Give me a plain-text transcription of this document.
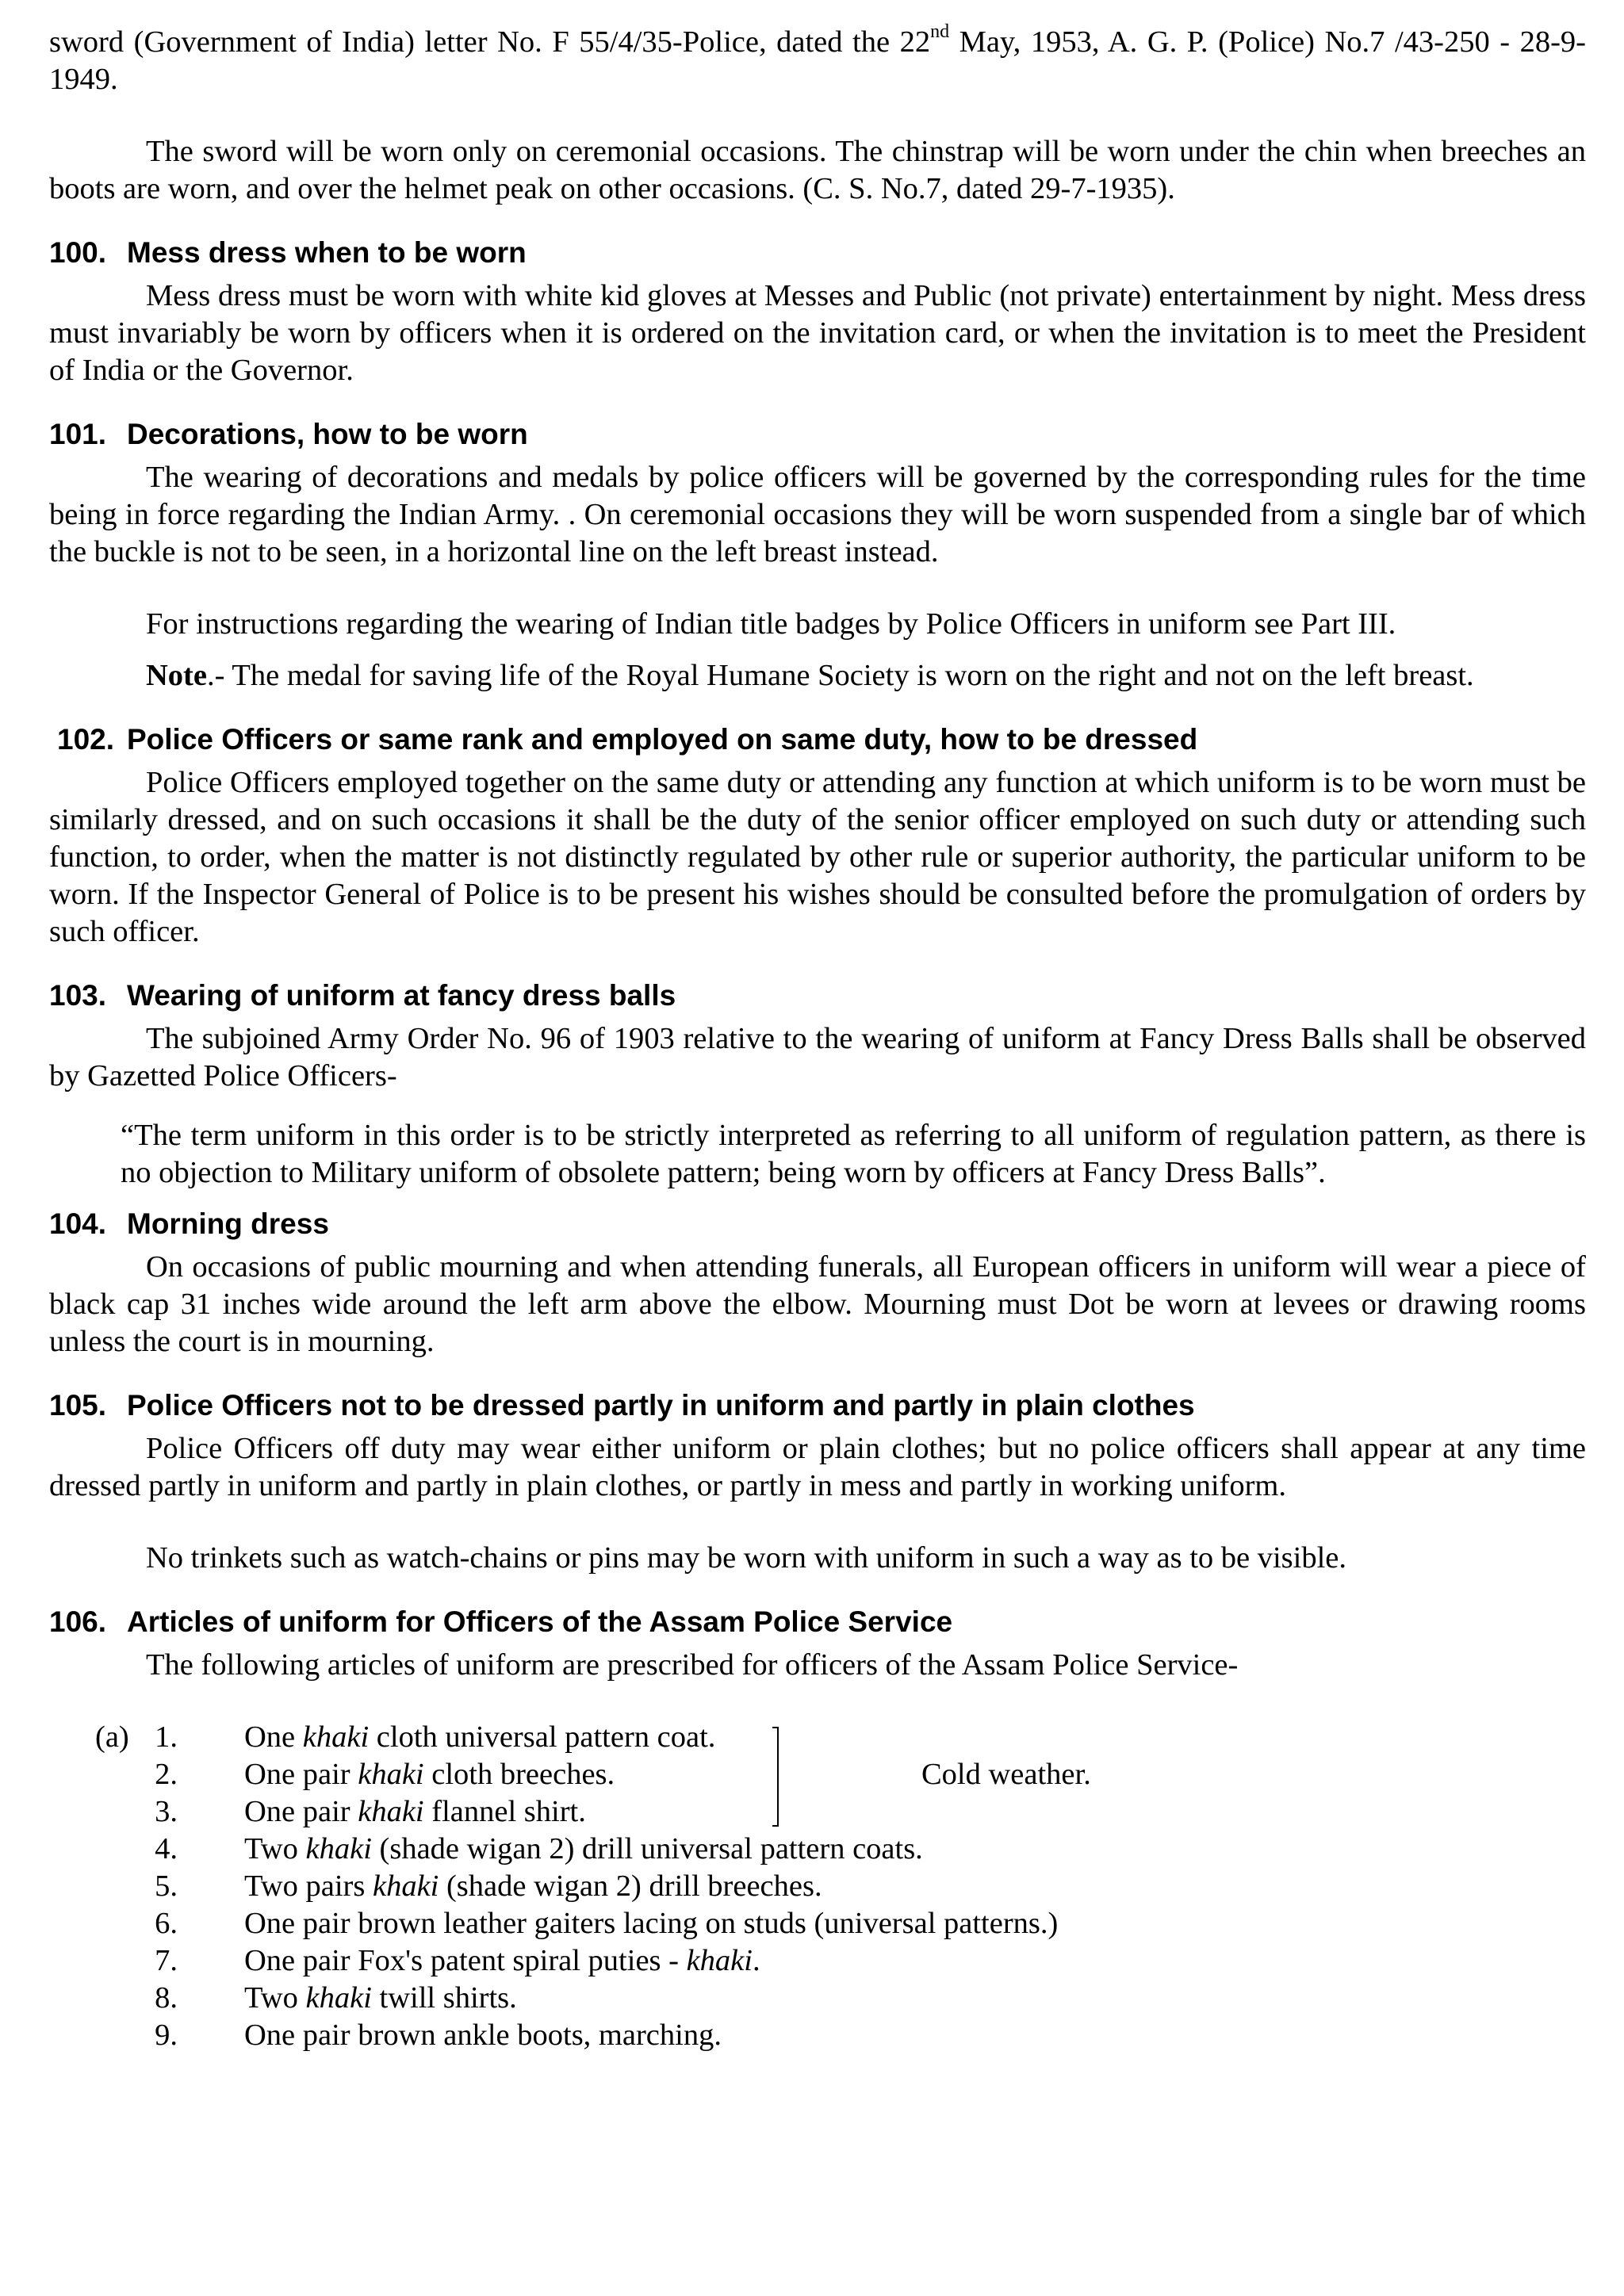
sword (Government of India) letter No. F 55/4/35-Police, dated the 22nd May, 1953, A. G. P. (Police) No.7 /43-250 - 28-9-1949.

The sword will be worn only on ceremonial occasions. The chinstrap will be worn under the chin when breeches an boots are worn, and over the helmet peak on other occasions. (C. S. No.7, dated 29-7-1935).

100. Mess dress when to be worn

Mess dress must be worn with white kid gloves at Messes and Public (not private) entertainment by night. Mess dress must invariably be worn by officers when it is ordered on the invitation card, or when the invitation is to meet the President of India or the Governor.

101. Decorations, how to be worn

The wearing of decorations and medals by police officers will be governed by the corresponding rules for the time being in force regarding the Indian Army. . On ceremonial occasions they will be worn suspended from a single bar of which the buckle is not to be seen, in a horizontal line on the left breast instead.

For instructions regarding the wearing of Indian title badges by Police Officers in uniform see Part III.

Note.- The medal for saving life of the Royal Humane Society is worn on the right and not on the left breast.

102. Police Officers or same rank and employed on same duty, how to be dressed

Police Officers employed together on the same duty or attending any function at which uniform is to be worn must be similarly dressed, and on such occasions it shall be the duty of the senior officer employed on such duty or attending such function, to order, when the matter is not distinctly regulated by other rule or superior authority, the particular uniform to be worn. If the Inspector General of Police is to be present his wishes should be consulted before the promulgation of orders by such officer.

103. Wearing of uniform at fancy dress balls

The subjoined Army Order No. 96 of 1903 relative to the wearing of uniform at Fancy Dress Balls shall be observed by Gazetted Police Officers-

“The term uniform in this order is to be strictly interpreted as referring to all uniform of regulation pattern, as there is no objection to Military uniform of obsolete pattern; being worn by officers at Fancy Dress Balls”.

104. Morning dress

On occasions of public mourning and when attending funerals, all European officers in uniform will wear a piece of black cap 31 inches wide around the left arm above the elbow. Mourning must Dot be worn at levees or drawing rooms unless the court is in mourning.

105. Police Officers not to be dressed partly in uniform and partly in plain clothes

Police Officers off duty may wear either uniform or plain clothes; but no police officers shall appear at any time dressed partly in uniform and partly in plain clothes, or partly in mess and partly in working uniform.

No trinkets such as watch-chains or pins may be worn with uniform in such a way as to be visible.

106. Articles of uniform for Officers of the Assam Police Service

The following articles of uniform are prescribed for officers of the Assam Police Service-

(a)
Cold weather.
1. One khaki cloth universal pattern coat.
2. One pair khaki cloth breeches.
3. One pair khaki flannel shirt.
4. Two khaki (shade wigan 2) drill universal pattern coats.
5. Two pairs khaki (shade wigan 2) drill breeches.
6. One pair brown leather gaiters lacing on studs (universal patterns.)
7. One pair Fox's patent spiral puties - khaki.
8. Two khaki twill shirts.
9. One pair brown ankle boots, marching.
